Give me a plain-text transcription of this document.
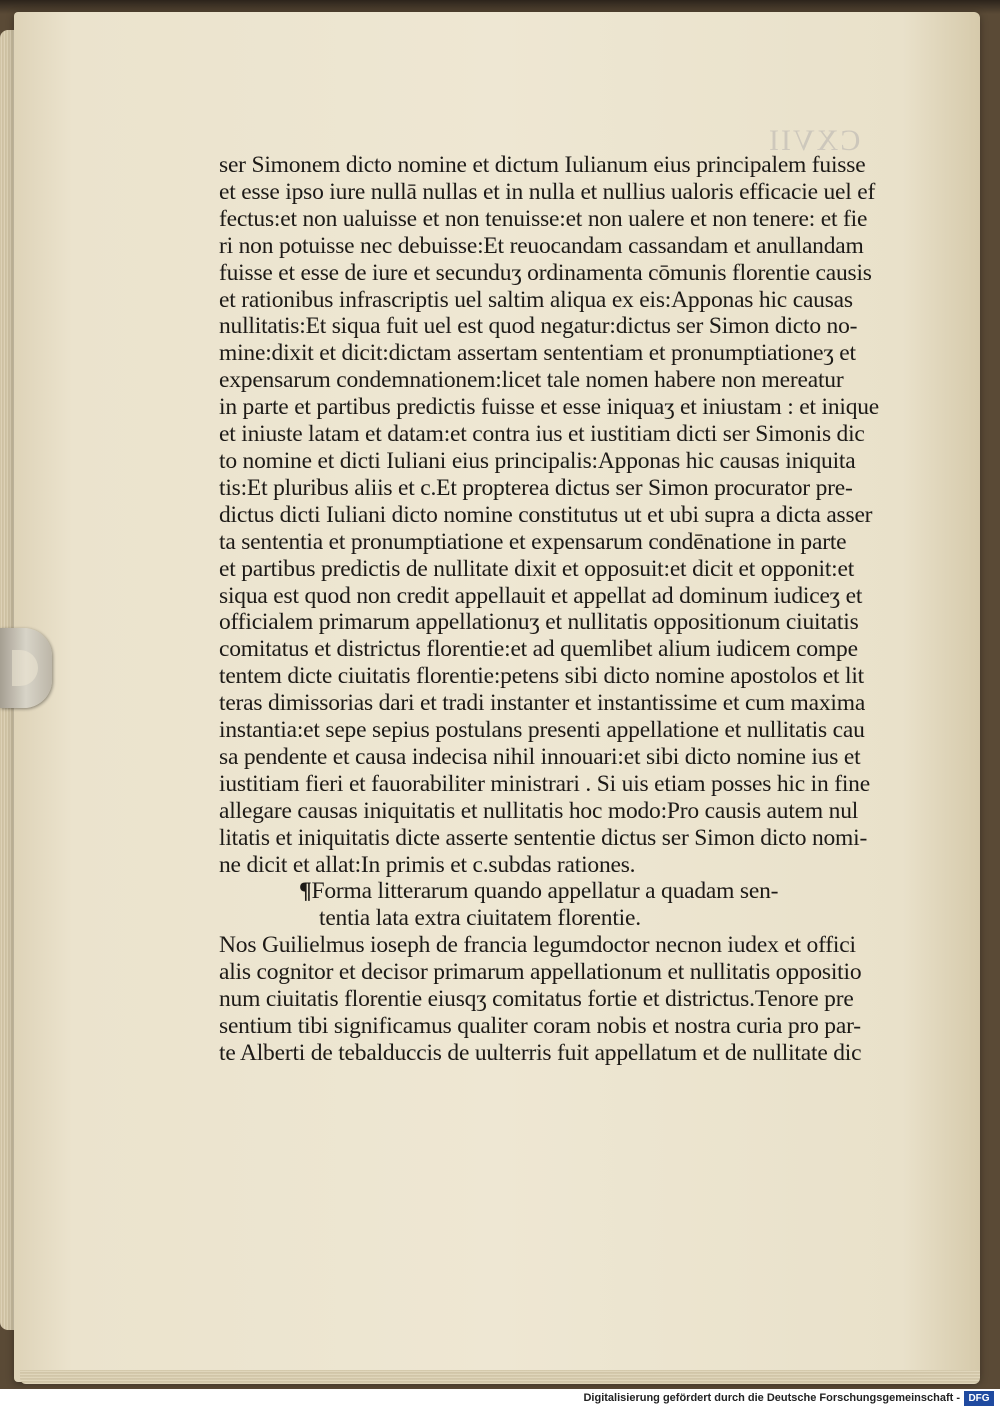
CXVII
ser Simonem dicto nomine et dictum Iulianum eius principalem fuisse
et esse ipso iure nullā nullas et in nulla et nullius ualoris efficacie uel ef
fectus:et non ualuisse et non tenuisse:et non ualere et non tenere: et fie
ri non potuisse nec debuisse:Et reuocandam cassandam et anullandam
fuisse et esse de iure et secunduʒ ordinamenta cōmunis florentie causis
et rationibus infrascriptis uel saltim aliqua ex eis:Apponas hic causas
nullitatis:Et siqua fuit uel est quod negatur:dictus ser Simon dicto no-
mine:dixit et dicit:dictam assertam sententiam et pronumptiationeʒ et
expensarum condemnationem:licet tale nomen habere non mereatur
in parte et partibus predictis fuisse et esse iniquaʒ et iniustam : et inique
et iniuste latam et datam:et contra ius et iustitiam dicti ser Simonis dic
to nomine et dicti Iuliani eius principalis:Apponas hic causas iniquita
tis:Et pluribus aliis et c.Et propterea dictus ser Simon procurator pre-
dictus dicti Iuliani dicto nomine constitutus ut et ubi supra a dicta asser
ta sententia et pronumptiatione et expensarum condēnatione in parte
et partibus predictis de nullitate dixit et opposuit:et dicit et opponit:et
siqua est quod non credit appellauit et appellat ad dominum iudiceʒ et
officialem primarum appellationuʒ et nullitatis oppositionum ciuitatis
comitatus et districtus florentie:et ad quemlibet alium iudicem compe
tentem dicte ciuitatis florentie:petens sibi dicto nomine apostolos et lit
teras dimissorias dari et tradi instanter et instantissime et cum maxima
instantia:et sepe sepius postulans presenti appellatione et nullitatis cau
sa pendente et causa indecisa nihil innouari:et sibi dicto nomine ius et
iustitiam fieri et fauorabiliter ministrari . Si uis etiam posses hic in fine
allegare causas iniquitatis et nullitatis hoc modo:Pro causis autem nul
litatis et iniquitatis dicte asserte sententie dictus ser Simon dicto nomi-
ne dicit et allat:In primis et c.subdas rationes.
¶Forma litterarum quando appellatur a quadam sen-
tentia lata extra ciuitatem florentie.
Nos Guilielmus ioseph de francia legumdoctor necnon iudex et offici
alis cognitor et decisor primarum appellationum et nullitatis oppositio
num ciuitatis florentie eiusqʒ comitatus fortie et districtus.Tenore pre
sentium tibi significamus qualiter coram nobis et nostra curia pro par-
te Alberti de tebalduccis de uulterris fuit appellatum et de nullitate dic
Digitalisierung gefördert durch die Deutsche Forschungsgemeinschaft - DFG
